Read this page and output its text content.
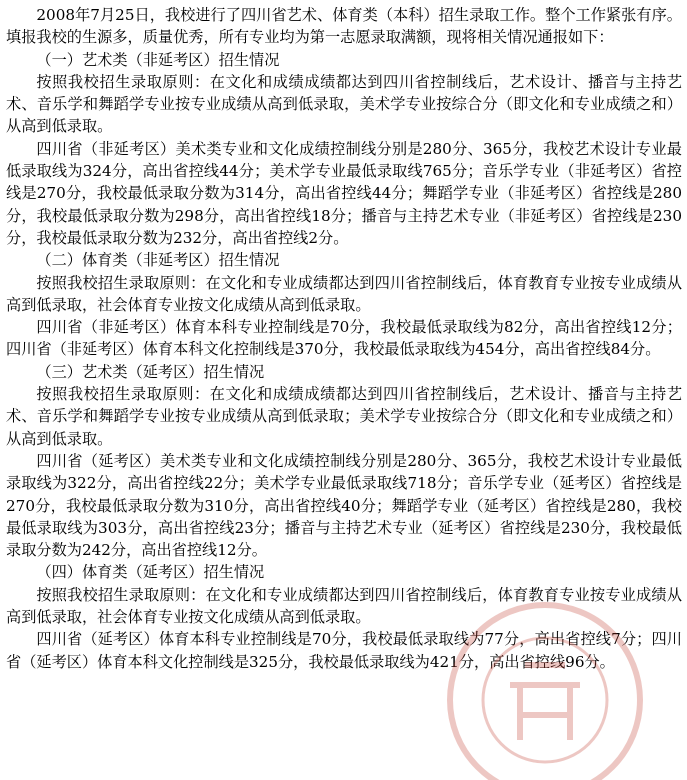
2008年7月25日，我校进行了四川省艺术、体育类（本科）招生录取工作。整个工作紧张有序。填报我校的生源多，质量优秀，所有专业均为第一志愿录取满额，现将相关情况通报如下：

（一）艺术类（非延考区）招生情况

按照我校招生录取原则：在文化和成绩成绩都达到四川省控制线后，艺术设计、播音与主持艺术、音乐学和舞蹈学专业按专业成绩从高到低录取，美术学专业按综合分（即文化和专业成绩之和）从高到低录取。

四川省（非延考区）美术类专业和文化成绩控制线分别是280分、365分，我校艺术设计专业最低录取线为324分，高出省控线44分；美术学专业最低录取线765分；音乐学专业（非延考区）省控线是270分，我校最低录取分数为314分，高出省控线44分；舞蹈学专业（非延考区）省控线是280分，我校最低录取分数为298分，高出省控线18分；播音与主持艺术专业（非延考区）省控线是230分，我校最低录取分数为232分，高出省控线2分。

（二）体育类（非延考区）招生情况

按照我校招生录取原则：在文化和专业成绩都达到四川省控制线后，体育教育专业按专业成绩从高到低录取，社会体育专业按文化成绩从高到低录取。

四川省（非延考区）体育本科专业控制线是70分，我校最低录取线为82分，高出省控线12分；四川省（非延考区）体育本科文化控制线是370分，我校最低录取线为454分，高出省控线84分。

（三）艺术类（延考区）招生情况

按照我校招生录取原则：在文化和成绩成绩都达到四川省控制线后，艺术设计、播音与主持艺术、音乐学和舞蹈学专业按专业成绩从高到低录取；美术学专业按综合分（即文化和专业成绩之和）从高到低录取。

四川省（延考区）美术类专业和文化成绩控制线分别是280分、365分，我校艺术设计专业最低录取线为322分，高出省控线22分；美术学专业最低录取线718分；音乐学专业（延考区）省控线是270分，我校最低录取分数为310分，高出省控线40分；舞蹈学专业（延考区）省控线是280，我校最低录取线为303分，高出省控线23分；播音与主持艺术专业（延考区）省控线是230分，我校最低录取分数为242分，高出省控线12分。

（四）体育类（延考区）招生情况

按照我校招生录取原则：在文化和专业成绩都达到四川省控制线后，体育教育专业按专业成绩从高到低录取，社会体育专业按文化成绩从高到低录取。

四川省（延考区）体育本科专业控制线是70分，我校最低录取线为77分，高出省控线7分；四川省（延考区）体育本科文化控制线是325分，我校最低录取线为421分，高出省控线96分。
